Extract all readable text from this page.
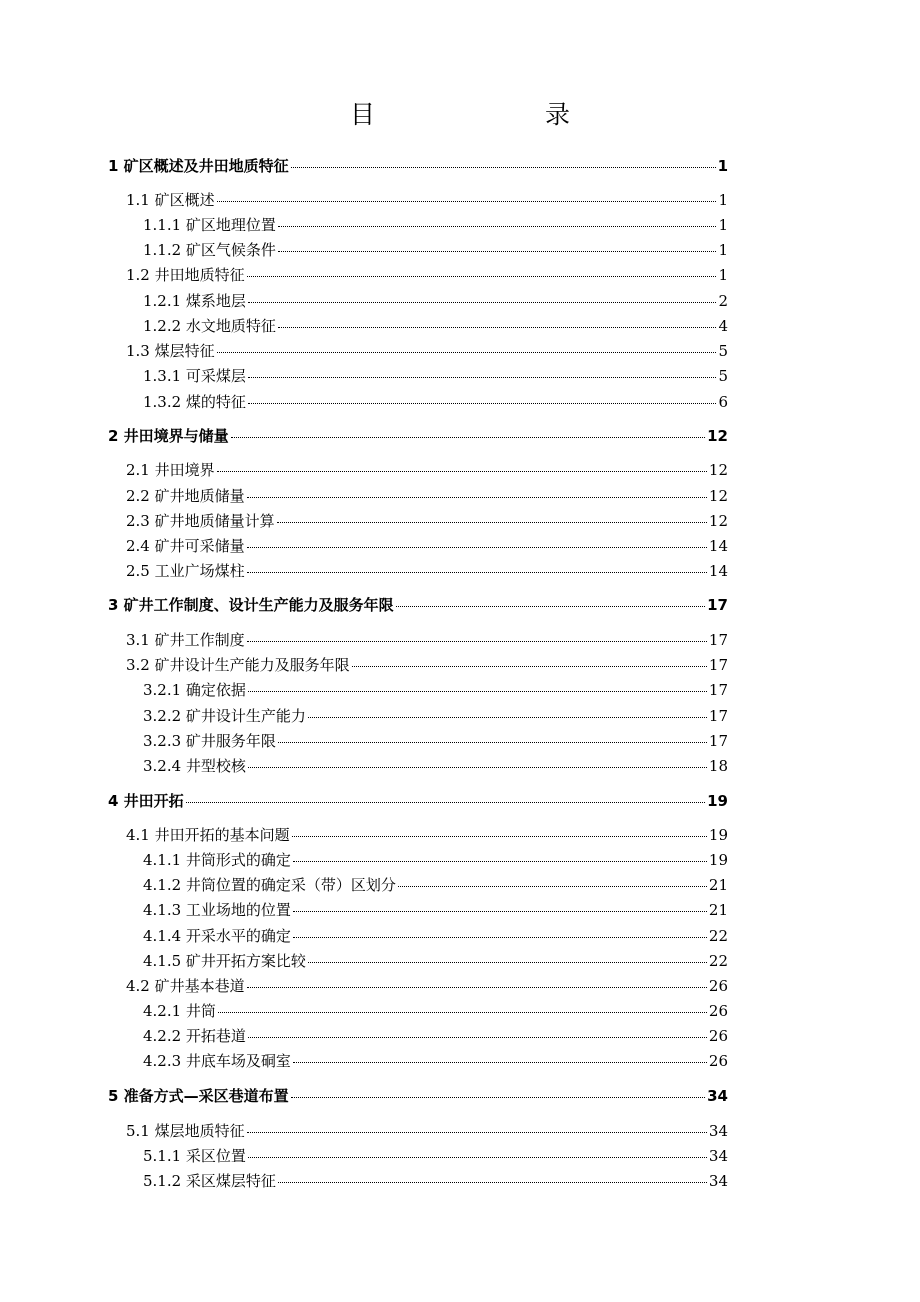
目　　录
1 矿区概述及井田地质特征	1
1.1 矿区概述	1
1.1.1 矿区地理位置	1
1.1.2 矿区气候条件	1
1.2 井田地质特征	1
1.2.1 煤系地层	2
1.2.2 水文地质特征	4
1.3 煤层特征	5
1.3.1 可采煤层	5
1.3.2 煤的特征	6
2 井田境界与储量	12
2.1 井田境界	12
2.2 矿井地质储量	12
2.3 矿井地质储量计算	12
2.4 矿井可采储量	14
2.5 工业广场煤柱	14
3 矿井工作制度、设计生产能力及服务年限	17
3.1 矿井工作制度	17
3.2 矿井设计生产能力及服务年限	17
3.2.1 确定依据	17
3.2.2 矿井设计生产能力	17
3.2.3 矿井服务年限	17
3.2.4 井型校核	18
4 井田开拓	19
4.1 井田开拓的基本问题	19
4.1.1 井筒形式的确定	19
4.1.2 井筒位置的确定采（带）区划分	21
4.1.3 工业场地的位置	21
4.1.4 开采水平的确定	22
4.1.5 矿井开拓方案比较	22
4.2 矿井基本巷道	26
4.2.1 井筒	26
4.2.2 开拓巷道	26
4.2.3 井底车场及硐室	26
5 准备方式—采区巷道布置	34
5.1 煤层地质特征	34
5.1.1 采区位置	34
5.1.2 采区煤层特征	34
